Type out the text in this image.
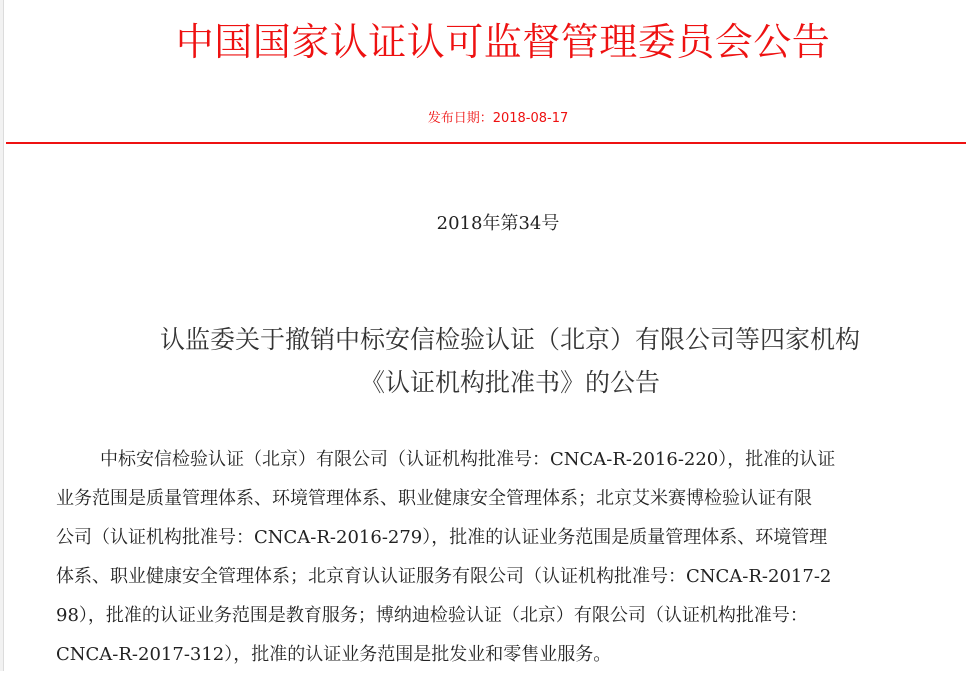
中国国家认证认可监督管理委员会公告
发布日期：2018-08-17
2018年第34号
认监委关于撤销中标安信检验认证（北京）有限公司等四家机构
《认证机构批准书》的公告
中标安信检验认证（北京）有限公司（认证机构批准号：CNCA-R-2016-220），批准的认证
业务范围是质量管理体系、环境管理体系、职业健康安全管理体系；北京艾米赛博检验认证有限
公司（认证机构批准号：CNCA-R-2016-279），批准的认证业务范围是质量管理体系、环境管理
体系、职业健康安全管理体系；北京育认认证服务有限公司（认证机构批准号：CNCA-R-2017-2
98），批准的认证业务范围是教育服务；博纳迪检验认证（北京）有限公司（认证机构批准号：
CNCA-R-2017-312），批准的认证业务范围是批发业和零售业服务。
